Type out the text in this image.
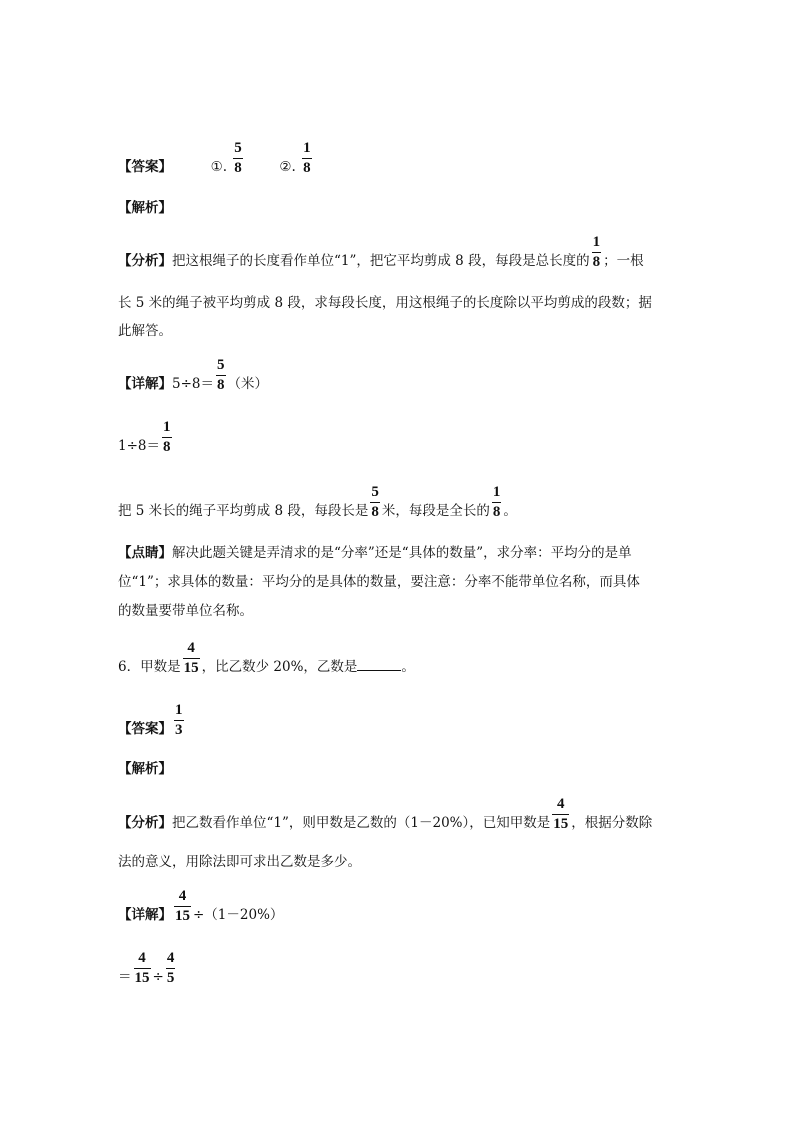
【答案】	①. $\frac{5}{8}$	②. $\frac{1}{8}$
【解析】
【分析】把这根绳子的长度看作单位“1”，把它平均剪成 8 段，每段是总长度的 $\frac{1}{8}$ ；一根
长 5 米的绳子被平均剪成 8 段，求每段长度，用这根绳子的长度除以平均剪成的段数；据
此解答。
【详解】$5\div 8= \frac{5}{8}$ （米）
$1\div 8= \frac{1}{8}$
把 5 米长的绳子平均剪成 8 段，每段长是 $\frac{5}{8}$ 米，每段是全长的 $\frac{1}{8}$ 。
【点睛】解决此题关键是弄清求的是“分率”还是“具体的数量”，求分率：平均分的是单
位“1”；求具体的数量：平均分的是具体的数量，要注意：分率不能带单位名称，而具体
的数量要带单位名称。
6．甲数是 $\frac{4}{15}$ ，比乙数少 20%，乙数是	。
【答案】 $\frac{1}{3}$
【解析】
【分析】把乙数看作单位“1”，则甲数是乙数的（1－20%），已知甲数是 $\frac{4}{15}$ ，根据分数除
法的意义，用除法即可求出乙数是多少。
【详解】 $\frac{4}{15} \div(1-20\%)$
＝ $\frac{4}{15} \div \frac{4}{5}$
